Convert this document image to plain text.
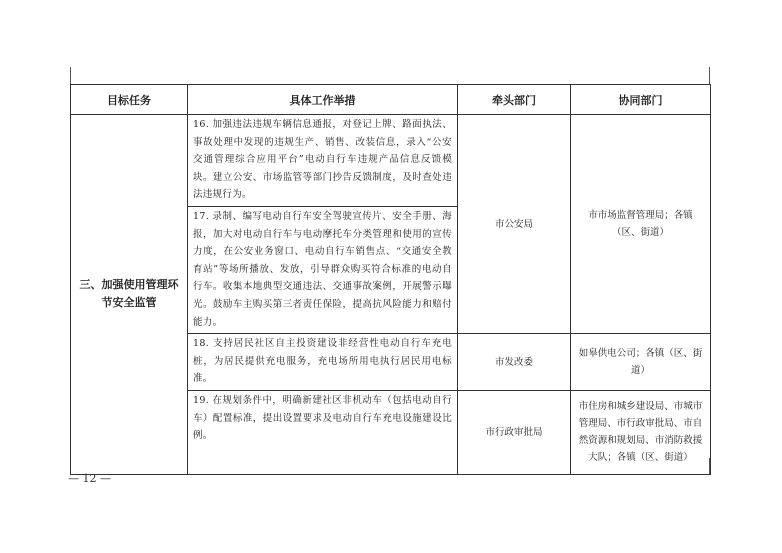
目标任务	具体工作举措	牵头部门	协同部门
三、加强使用管理环节安全监管	16. 加强违法违规车辆信息通报，对登记上牌、路面执法、事故处理中发现的违规生产、销售、改装信息，录入“公安交通管理综合应用平台”电动自行车违规产品信息反馈模块。建立公安、市场监管等部门抄告反馈制度，及时查处违法违规行为。	市公安局	市市场监督管理局；各镇（区、街道）
	17. 录制、编写电动自行车安全驾驶宣传片、安全手册、海报，加大对电动自行车与电动摩托车分类管理和使用的宣传力度，在公安业务窗口、电动自行车销售点、“交通安全教育站”等场所播放、发放，引导群众购买符合标准的电动自行车。收集本地典型交通违法、交通事故案例，开展警示曝光。鼓励车主购买第三者责任保险，提高抗风险能力和赔付能力。		
	18. 支持居民社区自主投资建设非经营性电动自行车充电桩，为居民提供充电服务，充电场所用电执行居民用电标准。	市发改委	如皋供电公司；各镇（区、街道）
	19. 在规划条件中，明确新建社区非机动车（包括电动自行车）配置标准，提出设置要求及电动自行车充电设施建设比例。	市行政审批局	市住房和城乡建设局、市城市管理局、市行政审批局、市自然资源和规划局、市消防救援大队；各镇（区、街道）
— 12 —
